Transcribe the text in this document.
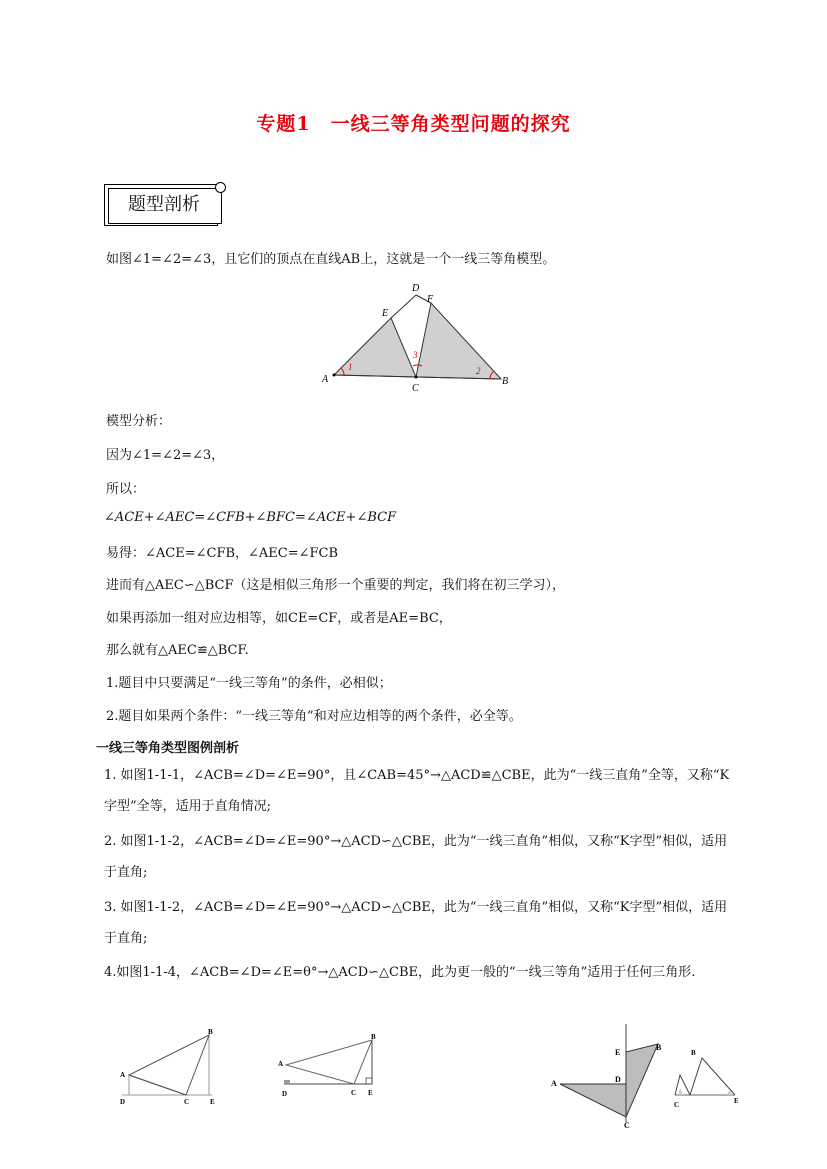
专题1　一线三等角类型问题的探究
题型剖析
如图∠1=∠2=∠3，且它们的顶点在直线AB上，这就是一个一线三等角模型。
A	B
C
D
E
F
1	2
3
模型分析：
因为∠1=∠2=∠3，
所以：
∠ACE+∠AEC=∠CFB+∠BFC=∠ACE+∠BCF
易得：∠ACE=∠CFB，∠AEC=∠FCB
进而有△AEC∽△BCF（这是相似三角形一个重要的判定，我们将在初三学习），
如果再添加一组对应边相等，如CE=CF，或者是AE=BC，
那么就有△AEC≌△BCF.
1.题目中只要满足“一线三等角”的条件，必相似；
2.题目如果两个条件：“一线三等角”和对应边相等的两个条件，必全等。
一线三等角类型图例剖析
1. 如图1-1-1，∠ACB=∠D=∠E=90°，且∠CAB=45°→△ACD≌△CBE，此为“一线三直角”全等，又称“K字型”全等，适用于直角情况;
2. 如图1-1-2，∠ACB=∠D=∠E=90°→△ACD∽△CBE，此为“一线三直角”相似，又称“K字型”相似，适用于直角;
3. 如图1-1-2，∠ACB=∠D=∠E=90°→△ACD∽△CBE，此为“一线三直角”相似，又称“K字型”相似，适用于直角;
4.如图1-1-4，∠ACB=∠D=∠E=θ°→△ACD∽△CBE，此为更一般的“一线三等角”适用于任何三角形.
A
B
C
D	E
A
B
C
D	E
A
B
C
D
E	B
C	E
